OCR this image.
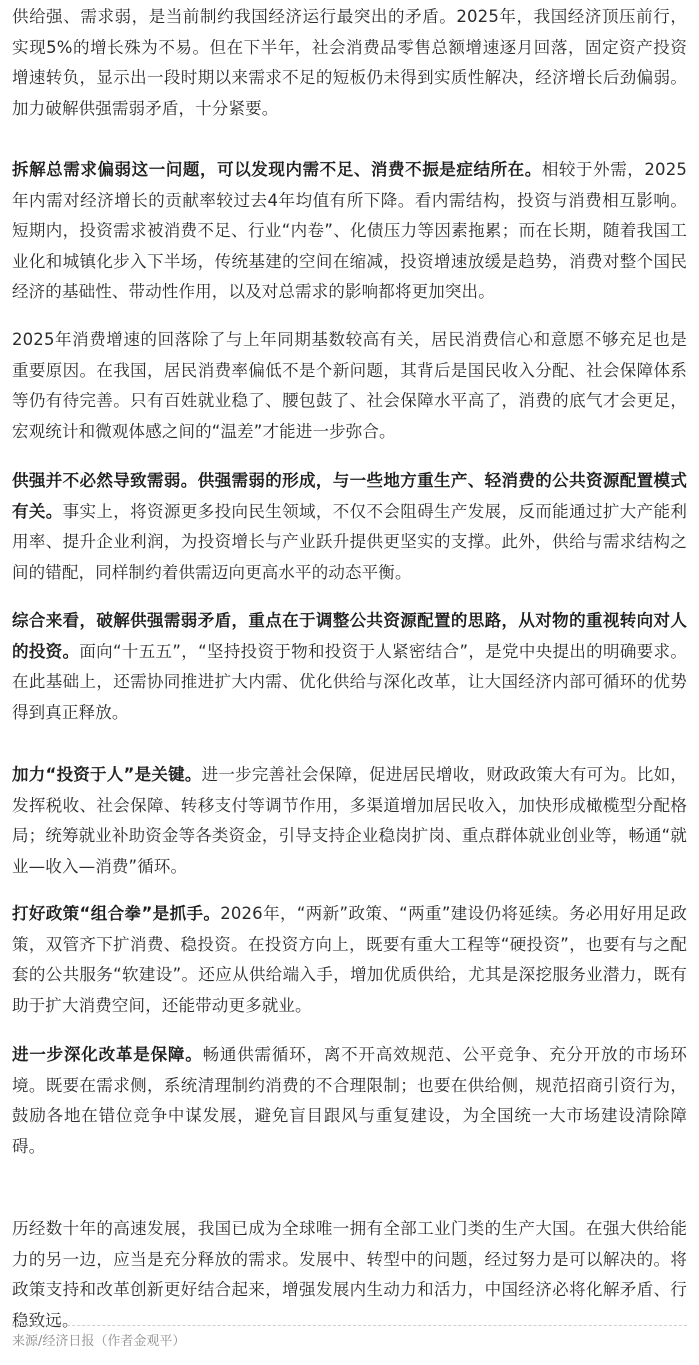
供给强、需求弱，是当前制约我国经济运行最突出的矛盾。2025年，我国经济顶压前行，实现5%的增长殊为不易。但在下半年，社会消费品零售总额增速逐月回落，固定资产投资增速转负，显示出一段时期以来需求不足的短板仍未得到实质性解决，经济增长后劲偏弱。加力破解供强需弱矛盾，十分紧要。

拆解总需求偏弱这一问题，可以发现内需不足、消费不振是症结所在。相较于外需，2025年内需对经济增长的贡献率较过去4年均值有所下降。看内需结构，投资与消费相互影响。短期内，投资需求被消费不足、行业“内卷”、化债压力等因素拖累；而在长期，随着我国工业化和城镇化步入下半场，传统基建的空间在缩减，投资增速放缓是趋势，消费对整个国民经济的基础性、带动性作用，以及对总需求的影响都将更加突出。

2025年消费增速的回落除了与上年同期基数较高有关，居民消费信心和意愿不够充足也是重要原因。在我国，居民消费率偏低不是个新问题，其背后是国民收入分配、社会保障体系等仍有待完善。只有百姓就业稳了、腰包鼓了、社会保障水平高了，消费的底气才会更足，宏观统计和微观体感之间的“温差”才能进一步弥合。

供强并不必然导致需弱。供强需弱的形成，与一些地方重生产、轻消费的公共资源配置模式有关。事实上，将资源更多投向民生领域，不仅不会阻碍生产发展，反而能通过扩大产能利用率、提升企业利润，为投资增长与产业跃升提供更坚实的支撑。此外，供给与需求结构之间的错配，同样制约着供需迈向更高水平的动态平衡。

综合来看，破解供强需弱矛盾，重点在于调整公共资源配置的思路，从对物的重视转向对人的投资。面向“十五五”，“坚持投资于物和投资于人紧密结合”，是党中央提出的明确要求。在此基础上，还需协同推进扩大内需、优化供给与深化改革，让大国经济内部可循环的优势得到真正释放。

加力“投资于人”是关键。进一步完善社会保障，促进居民增收，财政政策大有可为。比如，发挥税收、社会保障、转移支付等调节作用，多渠道增加居民收入，加快形成橄榄型分配格局；统筹就业补助资金等各类资金，引导支持企业稳岗扩岗、重点群体就业创业等，畅通“就业—收入—消费”循环。

打好政策“组合拳”是抓手。2026年，“两新”政策、“两重”建设仍将延续。务必用好用足政策，双管齐下扩消费、稳投资。在投资方向上，既要有重大工程等“硬投资”，也要有与之配套的公共服务“软建设”。还应从供给端入手，增加优质供给，尤其是深挖服务业潜力，既有助于扩大消费空间，还能带动更多就业。

进一步深化改革是保障。畅通供需循环，离不开高效规范、公平竞争、充分开放的市场环境。既要在需求侧，系统清理制约消费的不合理限制；也要在供给侧，规范招商引资行为，鼓励各地在错位竞争中谋发展，避免盲目跟风与重复建设，为全国统一大市场建设清除障碍。

历经数十年的高速发展，我国已成为全球唯一拥有全部工业门类的生产大国。在强大供给能力的另一边，应当是充分释放的需求。发展中、转型中的问题，经过努力是可以解决的。将政策支持和改革创新更好结合起来，增强发展内生动力和活力，中国经济必将化解矛盾、行稳致远。

来源/经济日报（作者金观平）
